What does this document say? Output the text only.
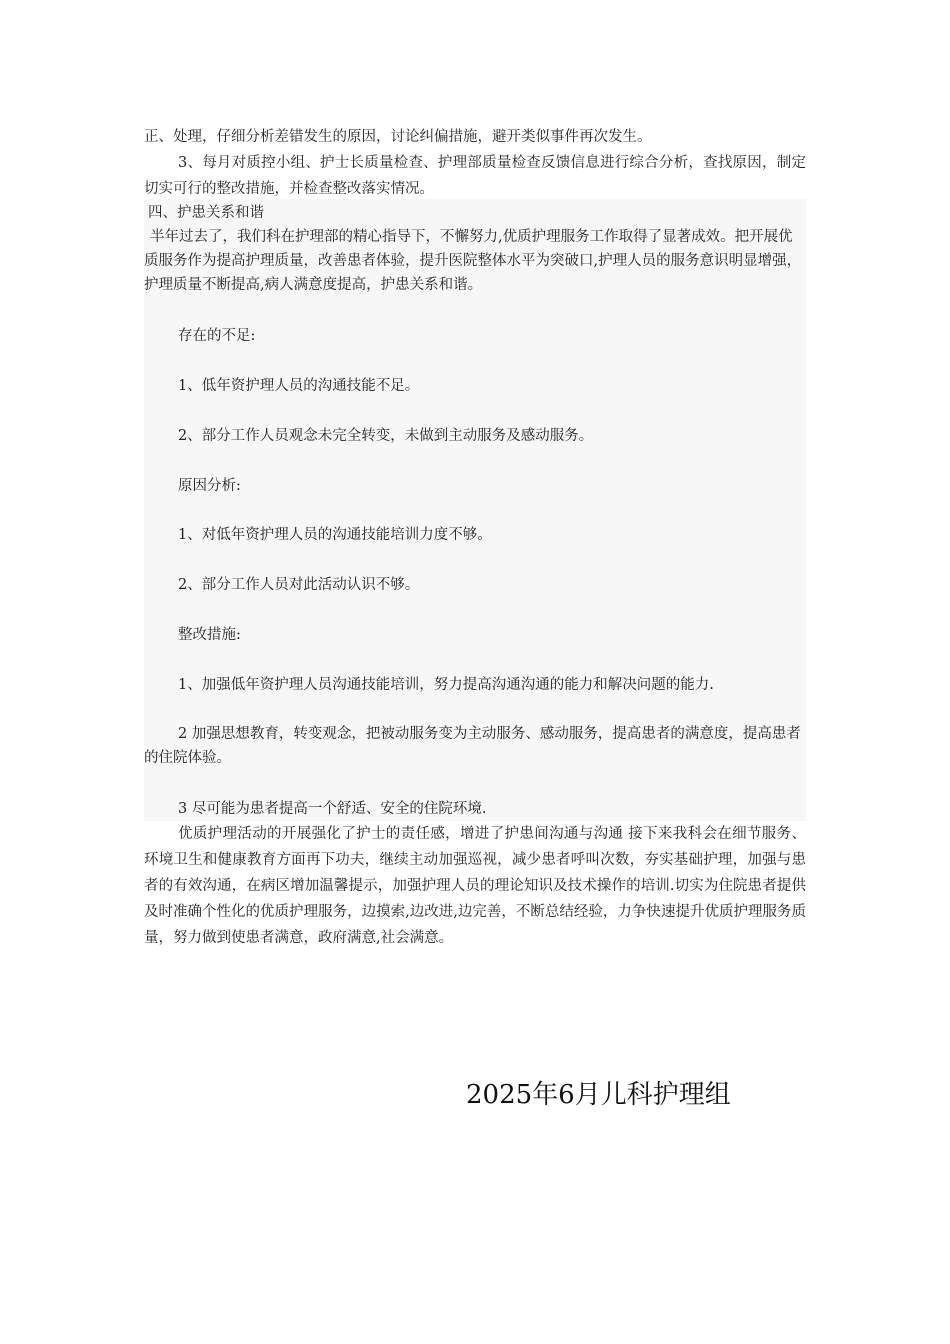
正、处理，仔细分析差错发生的原因，讨论纠偏措施，避开类似事件再次发生。

3、每月对质控小组、护士长质量检查、护理部质量检查反馈信息进行综合分析，查找原因，制定切实可行的整改措施，并检查整改落实情况。

四、护患关系和谐

半年过去了，我们科在护理部的精心指导下，不懈努力,优质护理服务工作取得了显著成效。把开展优质服务作为提高护理质量，改善患者体验，提升医院整体水平为突破口,护理人员的服务意识明显增强，护理质量不断提高,病人满意度提高，护患关系和谐。

存在的不足:

1、低年资护理人员的沟通技能不足。

2、部分工作人员观念未完全转变，未做到主动服务及感动服务。

原因分析:

1、对低年资护理人员的沟通技能培训力度不够。

2、部分工作人员对此活动认识不够。

整改措施:

1、加强低年资护理人员沟通技能培训，努力提高沟通沟通的能力和解决问题的能力.

2 加强思想教育，转变观念，把被动服务变为主动服务、感动服务，提高患者的满意度，提高患者的住院体验。

3 尽可能为患者提高一个舒适、安全的住院环境.

优质护理活动的开展强化了护士的责任感，增进了护患间沟通与沟通 接下来我科会在细节服务、环境卫生和健康教育方面再下功夫，继续主动加强巡视，减少患者呼叫次数，夯实基础护理，加强与患者的有效沟通，在病区增加温馨提示，加强护理人员的理论知识及技术操作的培训.切实为住院患者提供及时准确个性化的优质护理服务，边摸索,边改进,边完善，不断总结经验，力争快速提升优质护理服务质量，努力做到使患者满意，政府满意,社会满意。

2025年6月儿科护理组
